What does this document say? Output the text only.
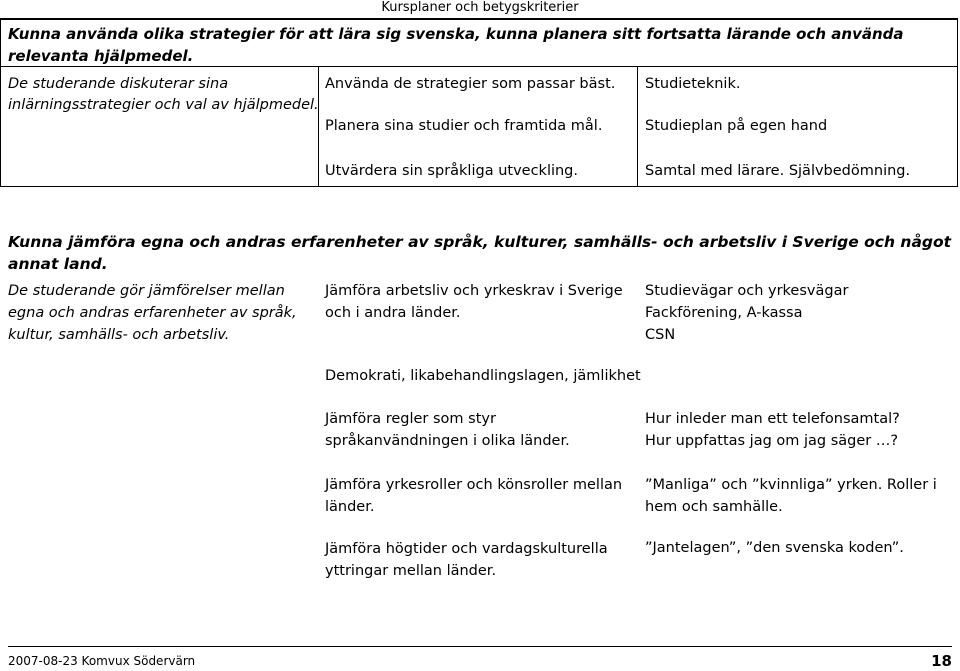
Kursplaner och betygskriterier
Kunna använda olika strategier för att lära sig svenska, kunna planera sitt fortsatta lärande och använda
relevanta hjälpmedel.
De studerande diskuterar sina
inlärningsstrategier och val av hjälpmedel.
Använda de strategier som passar bäst.
Planera sina studier och framtida mål.
Utvärdera sin språkliga utveckling.
Studieteknik.
Studieplan på egen hand
Samtal med lärare. Självbedömning.
Kunna jämföra egna och andras erfarenheter av språk, kulturer, samhälls- och arbetsliv i Sverige och något
annat land.
De studerande gör jämförelser mellan
egna och andras erfarenheter av språk,
kultur, samhälls- och arbetsliv.
Jämföra arbetsliv och yrkeskrav i Sverige
och i andra länder.
Studievägar och yrkesvägar
Fackförening, A-kassa
CSN
Demokrati, likabehandlingslagen, jämlikhet
Jämföra regler som styr
språkanvändningen i olika länder.
Hur inleder man ett telefonsamtal?
Hur uppfattas jag om jag säger …?
Jämföra yrkesroller och könsroller mellan
länder.
”Manliga” och ”kvinnliga” yrken. Roller i
hem och samhälle.
Jämföra högtider och vardagskulturella
yttringar mellan länder.
”Jantelagen”, ”den svenska koden”.
2007-08-23 Komvux Södervärn	18
